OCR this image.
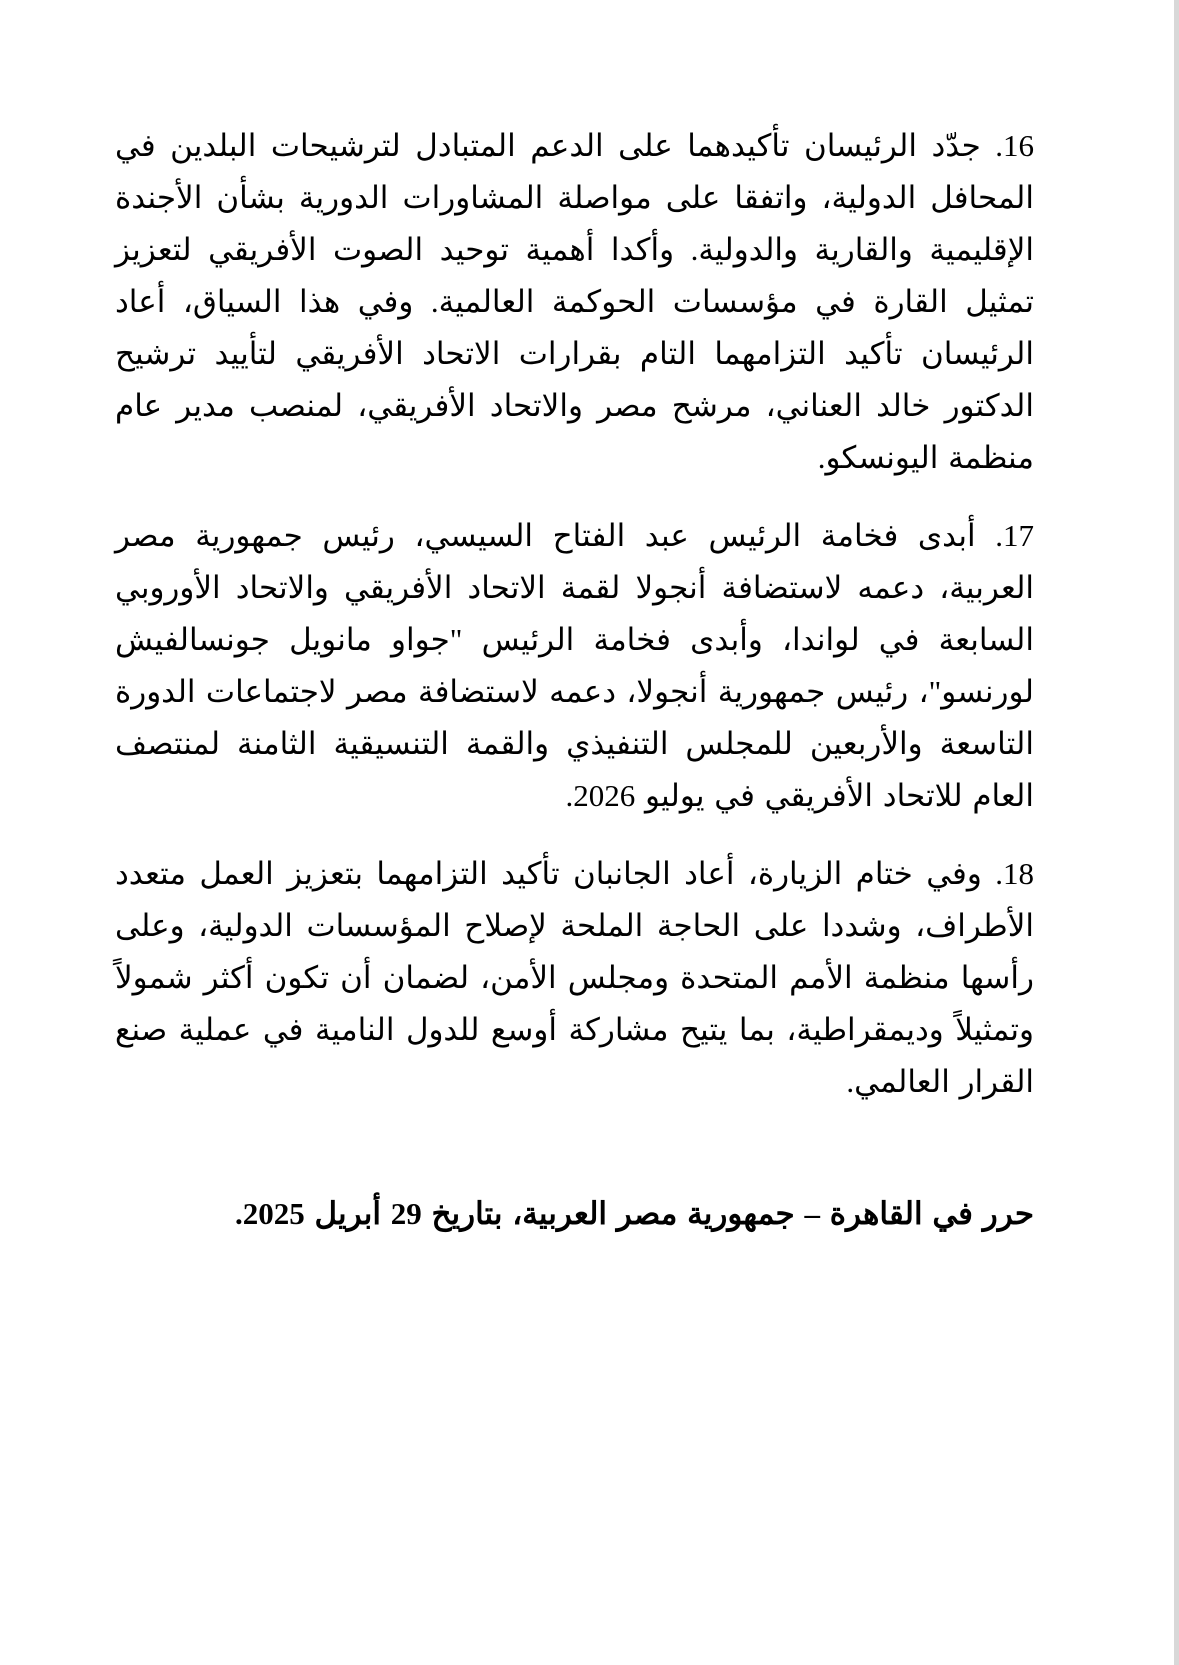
16. جدّد الرئيسان تأكيدهما على الدعم المتبادل لترشيحات البلدين في المحافل الدولية، واتفقا على مواصلة المشاورات الدورية بشأن الأجندة الإقليمية والقارية والدولية. وأكدا أهمية توحيد الصوت الأفريقي لتعزيز تمثيل القارة في مؤسسات الحوكمة العالمية. وفي هذا السياق، أعاد الرئيسان تأكيد التزامهما التام بقرارات الاتحاد الأفريقي لتأييد ترشيح الدكتور خالد العناني، مرشح مصر والاتحاد الأفريقي، لمنصب مدير عام منظمة اليونسكو.

17. أبدى فخامة الرئيس عبد الفتاح السيسي، رئيس جمهورية مصر العربية، دعمه لاستضافة أنجولا لقمة الاتحاد الأفريقي والاتحاد الأوروبي السابعة في لواندا، وأبدى فخامة الرئيس "جواو مانويل جونسالفيش لورنسو"، رئيس جمهورية أنجولا، دعمه لاستضافة مصر لاجتماعات الدورة التاسعة والأربعين للمجلس التنفيذي والقمة التنسيقية الثامنة لمنتصف العام للاتحاد الأفريقي في يوليو 2026.

18. وفي ختام الزيارة، أعاد الجانبان تأكيد التزامهما بتعزيز العمل متعدد الأطراف، وشددا على الحاجة الملحة لإصلاح المؤسسات الدولية، وعلى رأسها منظمة الأمم المتحدة ومجلس الأمن، لضمان أن تكون أكثر شمولاً وتمثيلاً وديمقراطية، بما يتيح مشاركة أوسع للدول النامية في عملية صنع القرار العالمي.

حرر في القاهرة – جمهورية مصر العربية، بتاريخ 29 أبريل 2025.
